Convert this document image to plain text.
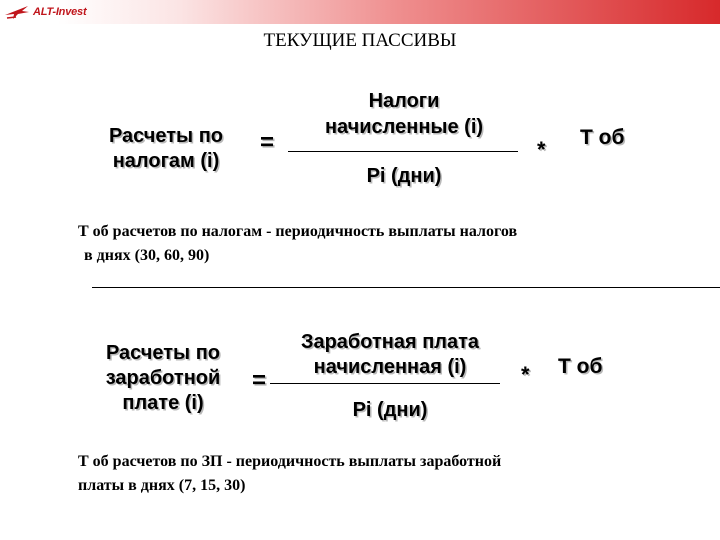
ALT-Invest
ТЕКУЩИЕ ПАССИВЫ
Расчеты по
налогам (i)
=
Налоги
начисленные (i)
Pi (дни)
* Т об
Т об расчетов по налогам - периодичность выплаты налогов
в днях (30, 60, 90)
Расчеты по
заработной
плате (i)
=
Заработная плата
начисленная (i)
Pi (дни)
* Т об
Т об расчетов по ЗП - периодичность выплаты заработной
платы в днях (7, 15, 30)
